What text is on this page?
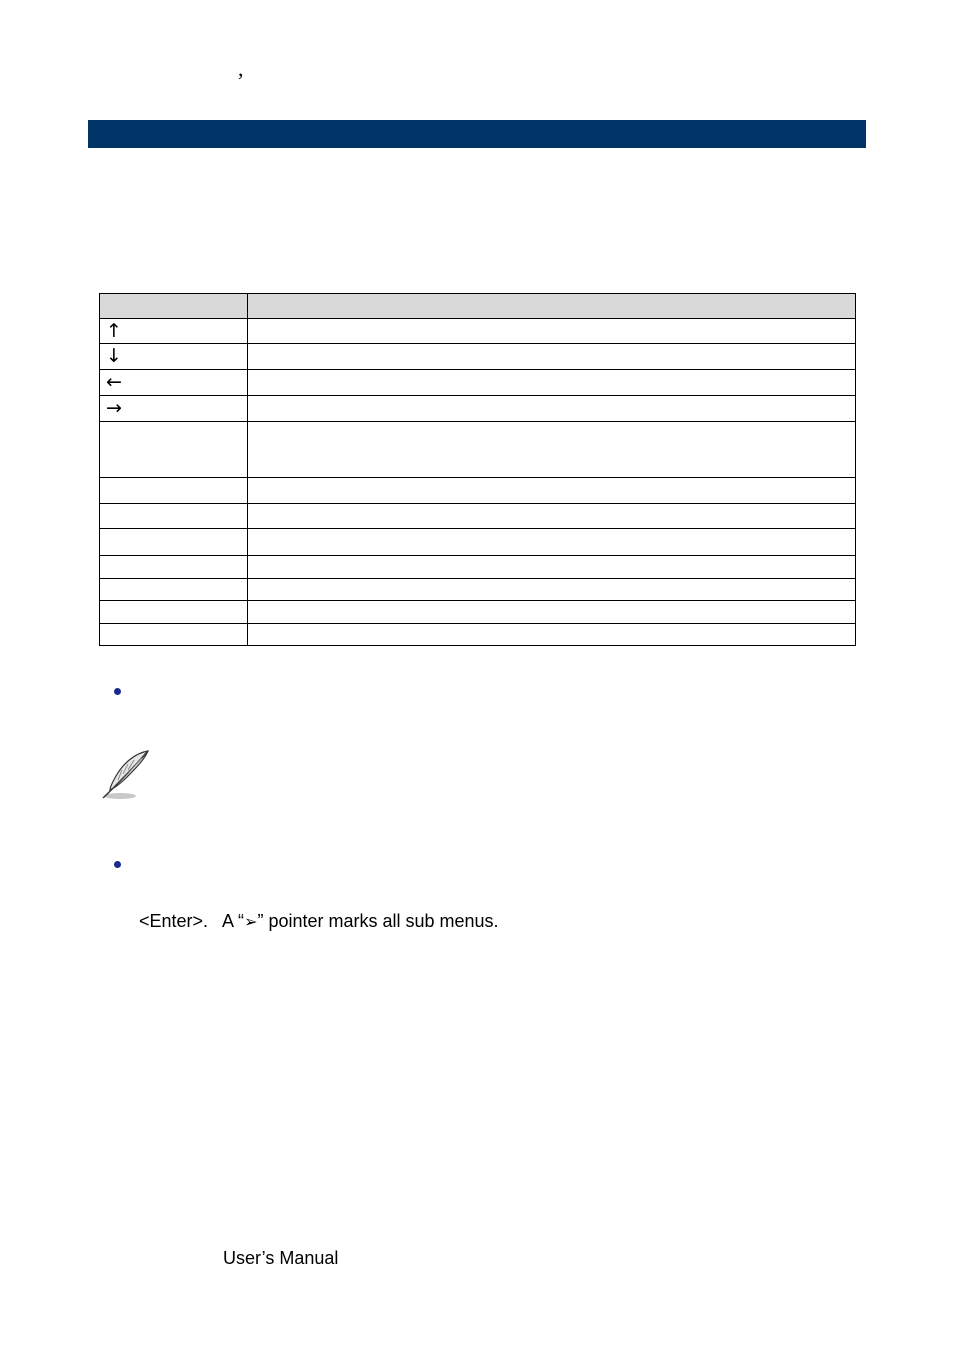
,

↑	
↓	
←	
→	

<Enter>. A “➢” pointer marks all sub menus.
User’s Manual
